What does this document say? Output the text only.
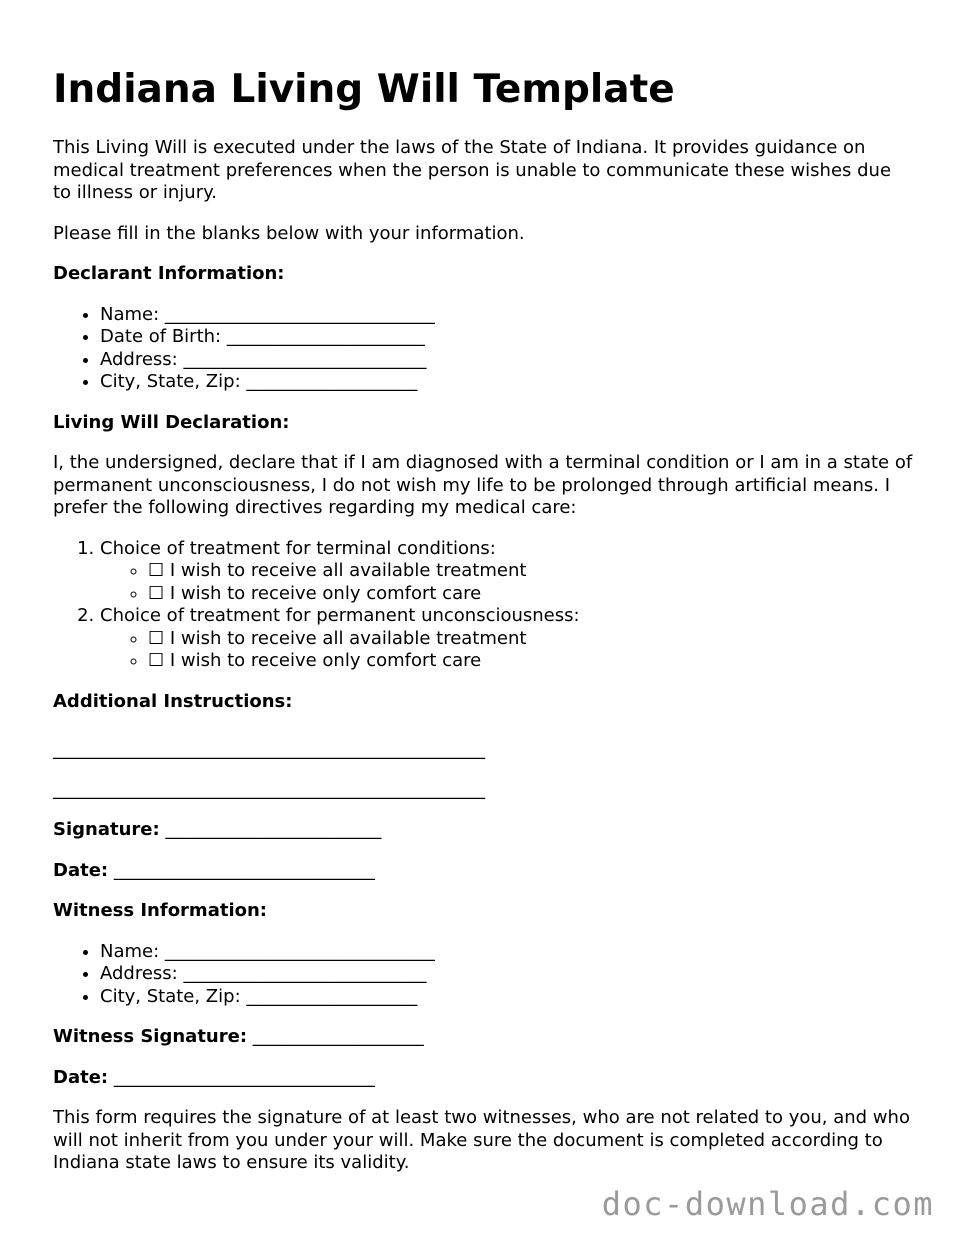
Indiana Living Will Template

This Living Will is executed under the laws of the State of Indiana. It provides guidance on medical treatment preferences when the person is unable to communicate these wishes due to illness or injury.

Please fill in the blanks below with your information.

Declarant Information:

• Name: ______________________________
• Date of Birth: ______________________
• Address: ___________________________
• City, State, Zip: ___________________

Living Will Declaration:

I, the undersigned, declare that if I am diagnosed with a terminal condition or I am in a state of permanent unconsciousness, I do not wish my life to be prolonged through artificial means. I prefer the following directives regarding my medical care:

1. Choice of treatment for terminal conditions:
◦ ☐ I wish to receive all available treatment
◦ ☐ I wish to receive only comfort care
2. Choice of treatment for permanent unconsciousness:
◦ ☐ I wish to receive all available treatment
◦ ☐ I wish to receive only comfort care

Additional Instructions:

________________________________________________

________________________________________________

Signature: ________________________

Date: _____________________________

Witness Information:

• Name: ______________________________
• Address: ___________________________
• City, State, Zip: ___________________

Witness Signature: ___________________

Date: _____________________________

This form requires the signature of at least two witnesses, who are not related to you, and who will not inherit from you under your will. Make sure the document is completed according to Indiana state laws to ensure its validity.

doc-download.com
